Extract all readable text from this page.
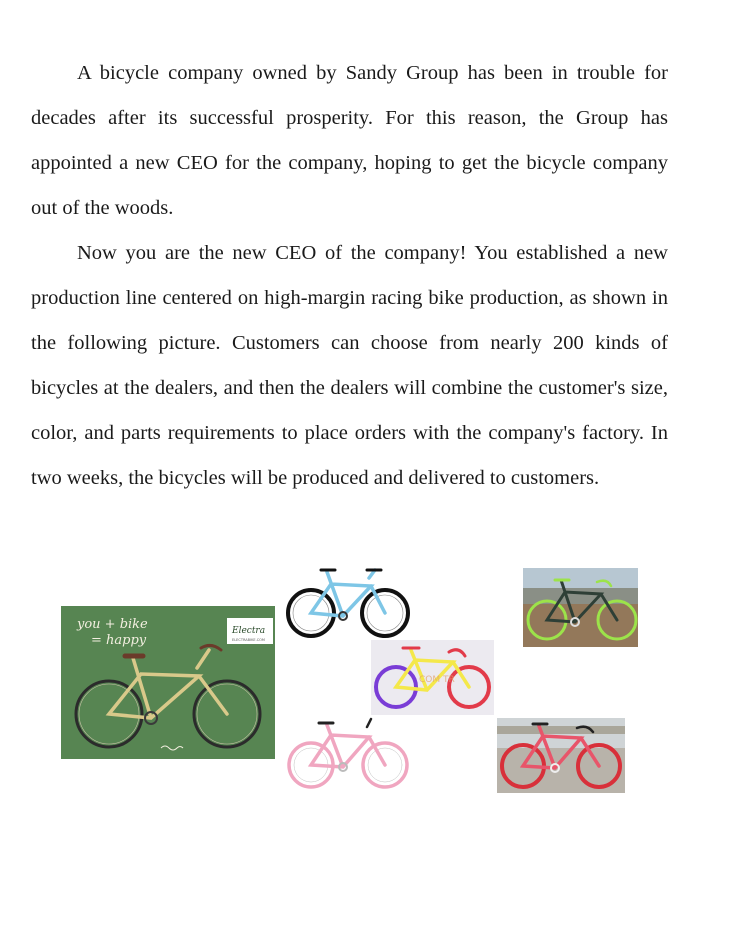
A bicycle company owned by Sandy Group has been in trouble for decades after its successful prosperity. For this reason, the Group has appointed a new CEO for the company, hoping to get the bicycle company out of the woods.

Now you are the new CEO of the company! You established a new production line centered on high-margin racing bike production, as shown in the following picture. Customers can choose from nearly 200 kinds of bicycles at the dealers, and then the dealers will combine the customer's size, color, and parts requirements to place orders with the company's factory. In two weeks, the bicycles will be produced and delivered to customers.

you + bike
= happy
Electra
ELECTRABIKE.COM
COM TR
